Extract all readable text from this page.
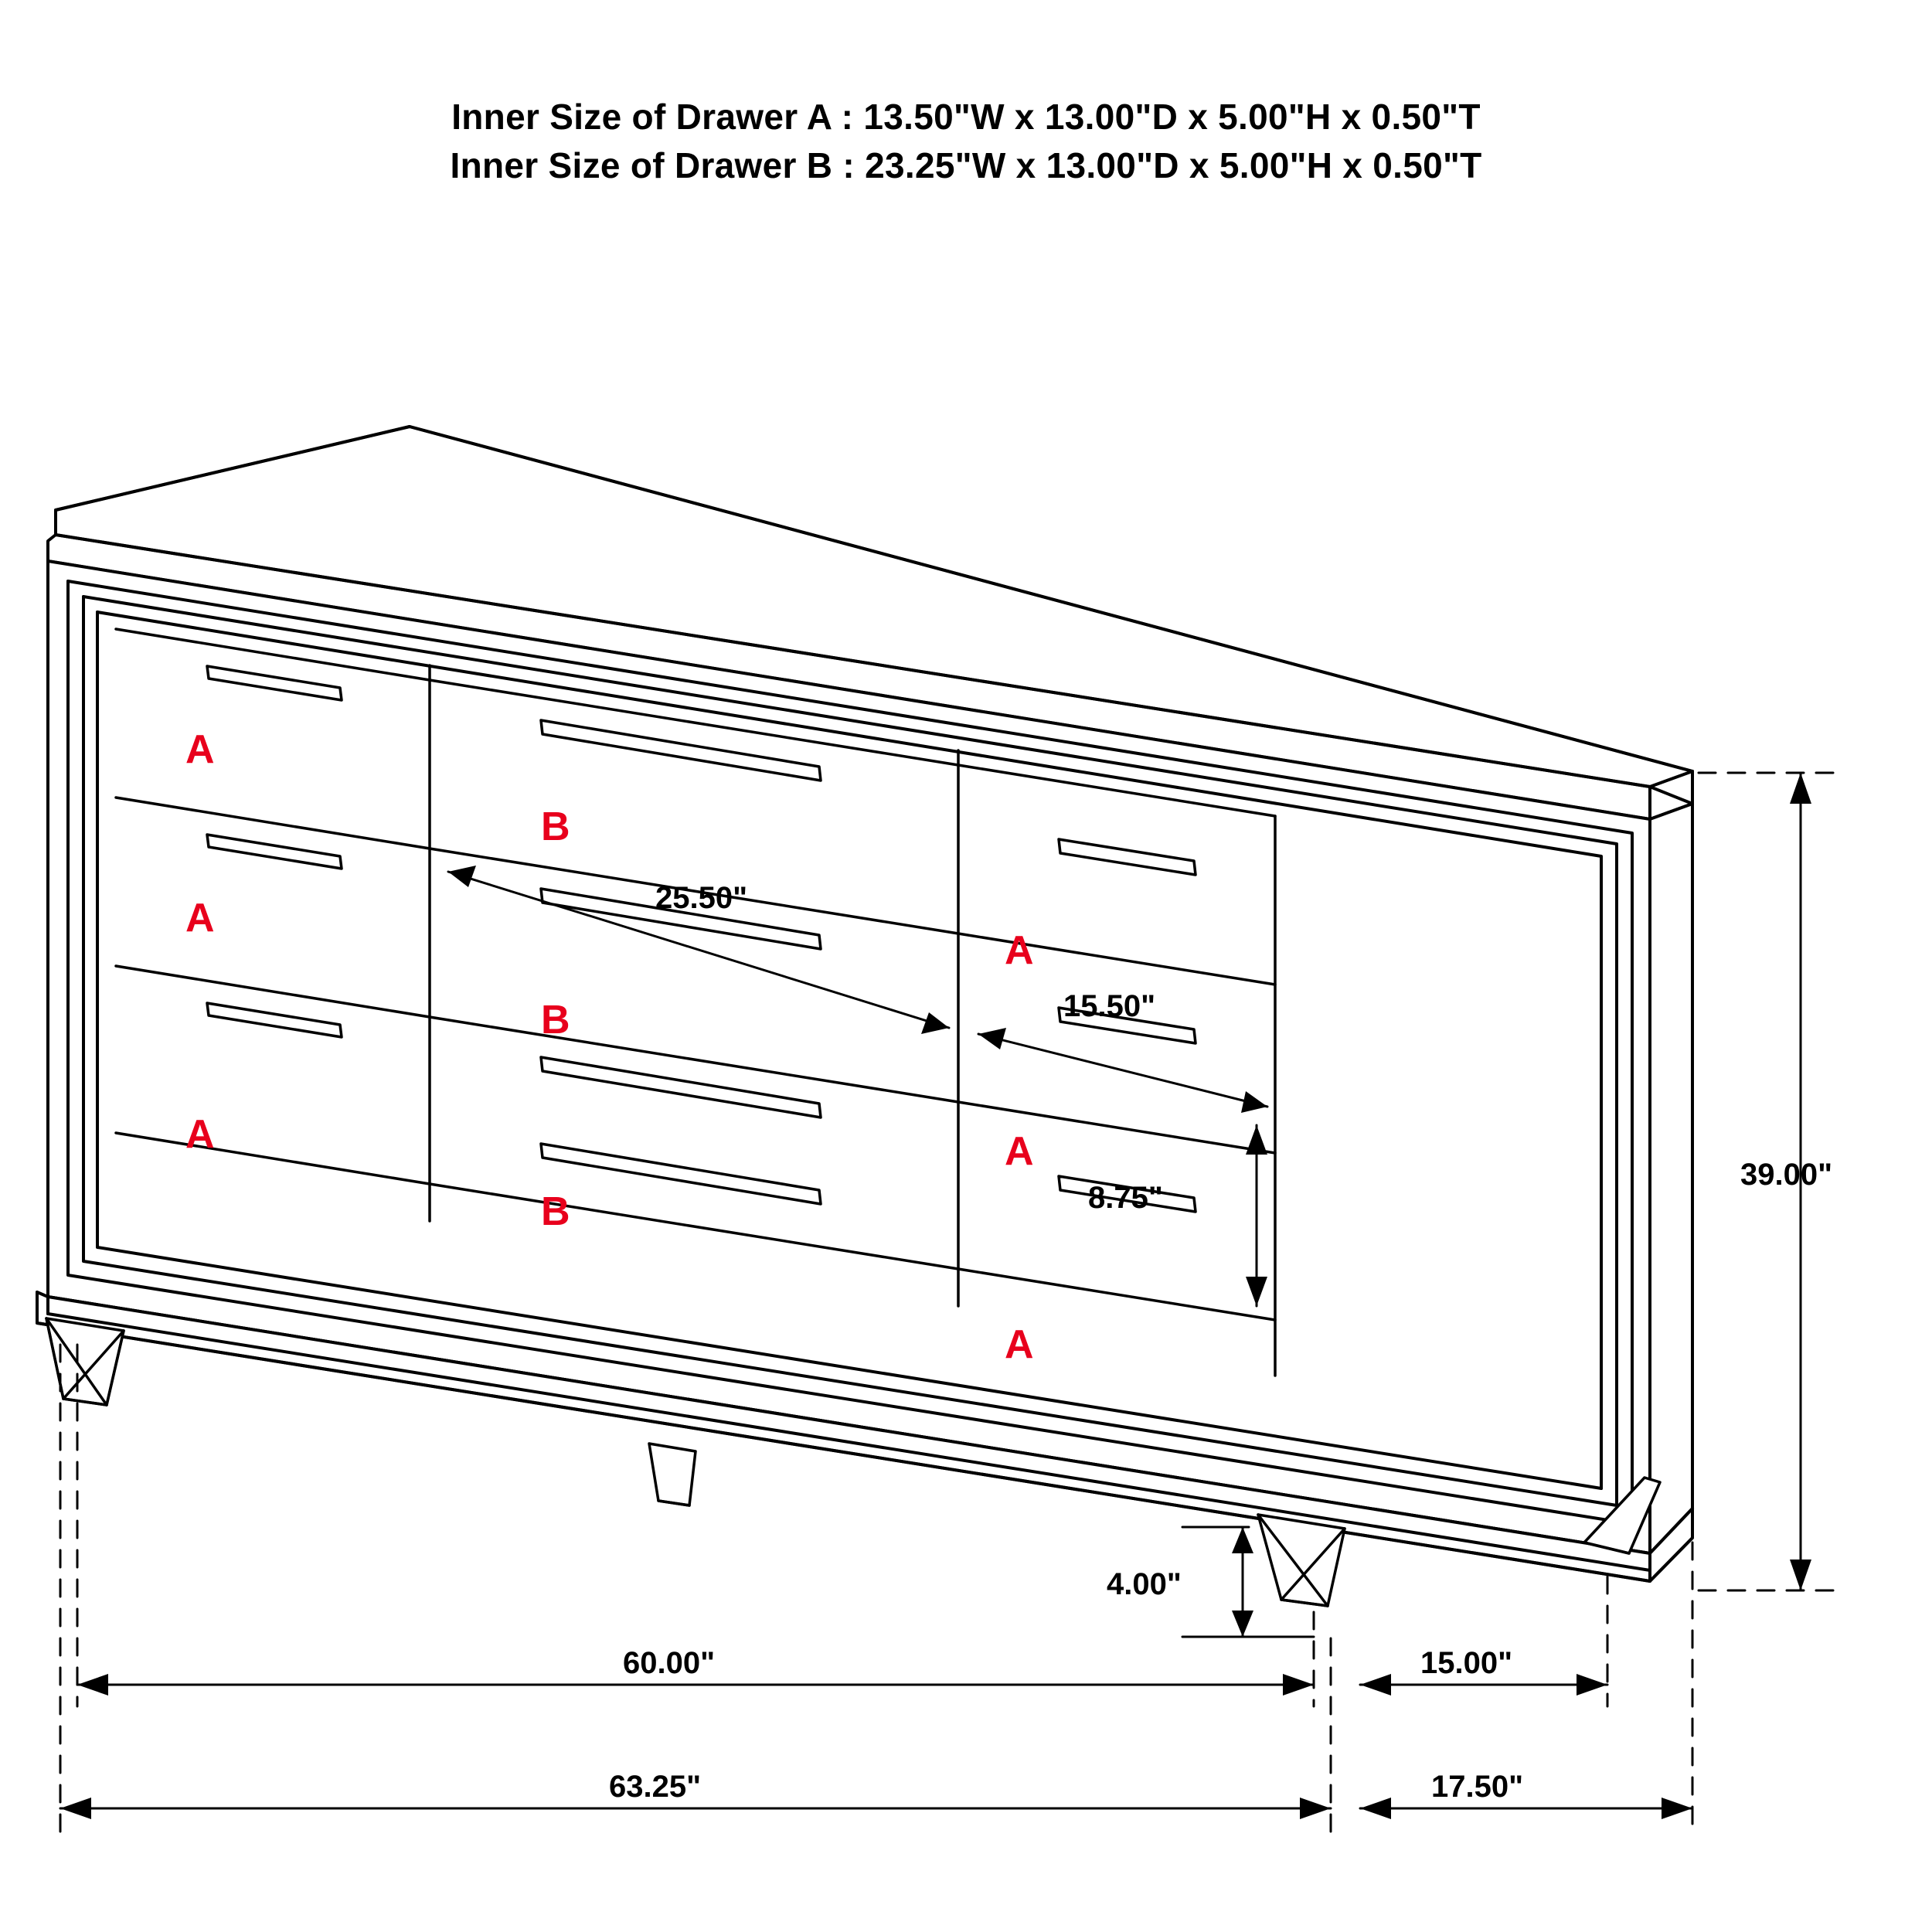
Inner Size of Drawer A : 13.50"W x 13.00"D x 5.00"H x 0.50"T
Inner Size of Drawer B : 23.25"W x 13.00"D x 5.00"H x 0.50"T
A
A
A
B
B
B
A
A
A
25.50"
15.50"
8.75"
39.00"
4.00"
60.00"	15.00"
63.25"	17.50"
